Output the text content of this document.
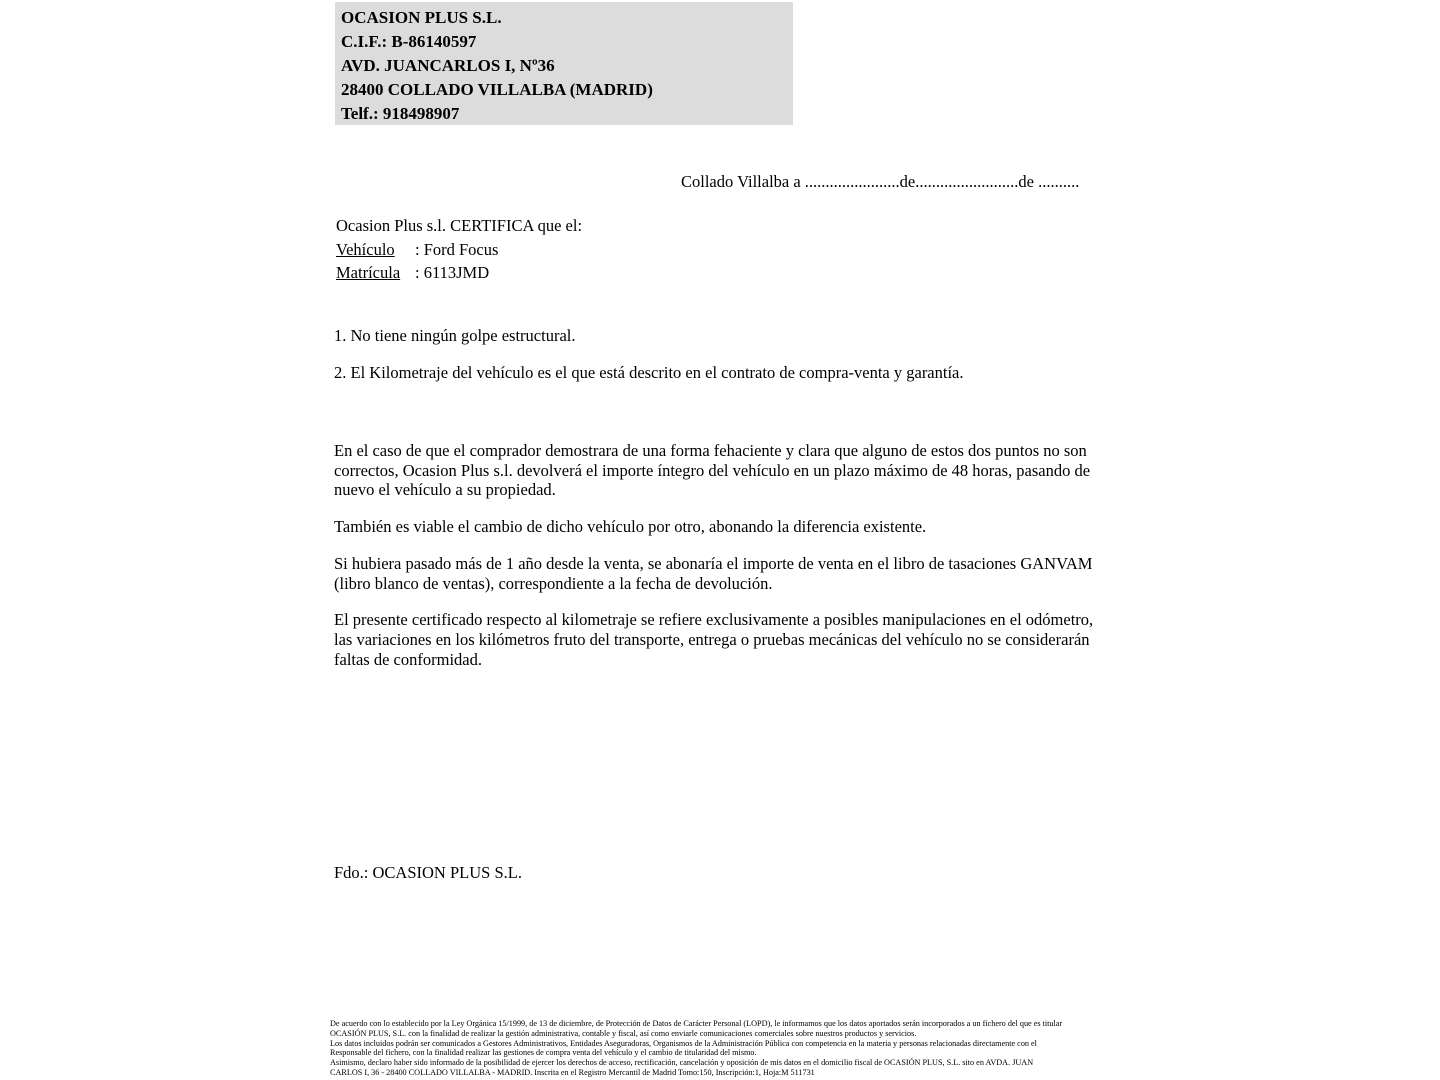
OCASION PLUS S.L.
C.I.F.: B-86140597
AVD. JUANCARLOS I, Nº36
28400 COLLADO VILLALBA (MADRID)
Telf.: 918498907
Collado Villalba a .......................de.........................de ..........
Ocasion Plus s.l. CERTIFICA que el:
Vehículo : Ford Focus
Matrícula : 6113JMD
1. No tiene ningún golpe estructural.
2. El Kilometraje del vehículo es el que está descrito en el contrato de compra-venta y garantía.

En el caso de que el comprador demostrara de una forma fehaciente y clara que alguno de estos dos puntos no son correctos, Ocasion Plus s.l. devolverá el importe íntegro del vehículo en un plazo máximo de 48 horas, pasando de nuevo el vehículo a su propiedad.

También es viable el cambio de dicho vehículo por otro, abonando la diferencia existente.

Si hubiera pasado más de 1 año desde la venta, se abonaría el importe de venta en el libro de tasaciones GANVAM (libro blanco de ventas), correspondiente a la fecha de devolución.

El presente certificado respecto al kilometraje se refiere exclusivamente a posibles manipulaciones en el odómetro, las variaciones en los kilómetros fruto del transporte, entrega o pruebas mecánicas del vehículo no se considerarán faltas de conformidad.

Fdo.: OCASION PLUS S.L.
De acuerdo con lo establecido por la Ley Orgánica 15/1999, de 13 de diciembre, de Protección de Datos de Carácter Personal (LOPD), le informamos que los datos aportados serán incorporados a un fichero del que es titular
OCASIÓN PLUS, S.L. con la finalidad de realizar la gestión administrativa, contable y fiscal, así como enviarle comunicaciones comerciales sobre nuestros productos y servicios.
Los datos incluidos podrán ser comunicados a Gestores Administrativos, Entidades Aseguradoras, Organismos de la Administración Pública con competencia en la materia y personas relacionadas directamente con el
Responsable del fichero, con la finalidad realizar las gestiones de compra venta del vehículo y el cambio de titularidad del mismo.
Asimismo, declaro haber sido informado de la posibilidad de ejercer los derechos de acceso, rectificación, cancelación y oposición de mis datos en el domicilio fiscal de OCASIÓN PLUS, S.L. sito en AVDA. JUAN
CARLOS I, 36 - 28400 COLLADO VILLALBA - MADRID. Inscrita en el Registro Mercantil de Madrid Tomo:150, Inscripción:1, Hoja:M 511731
